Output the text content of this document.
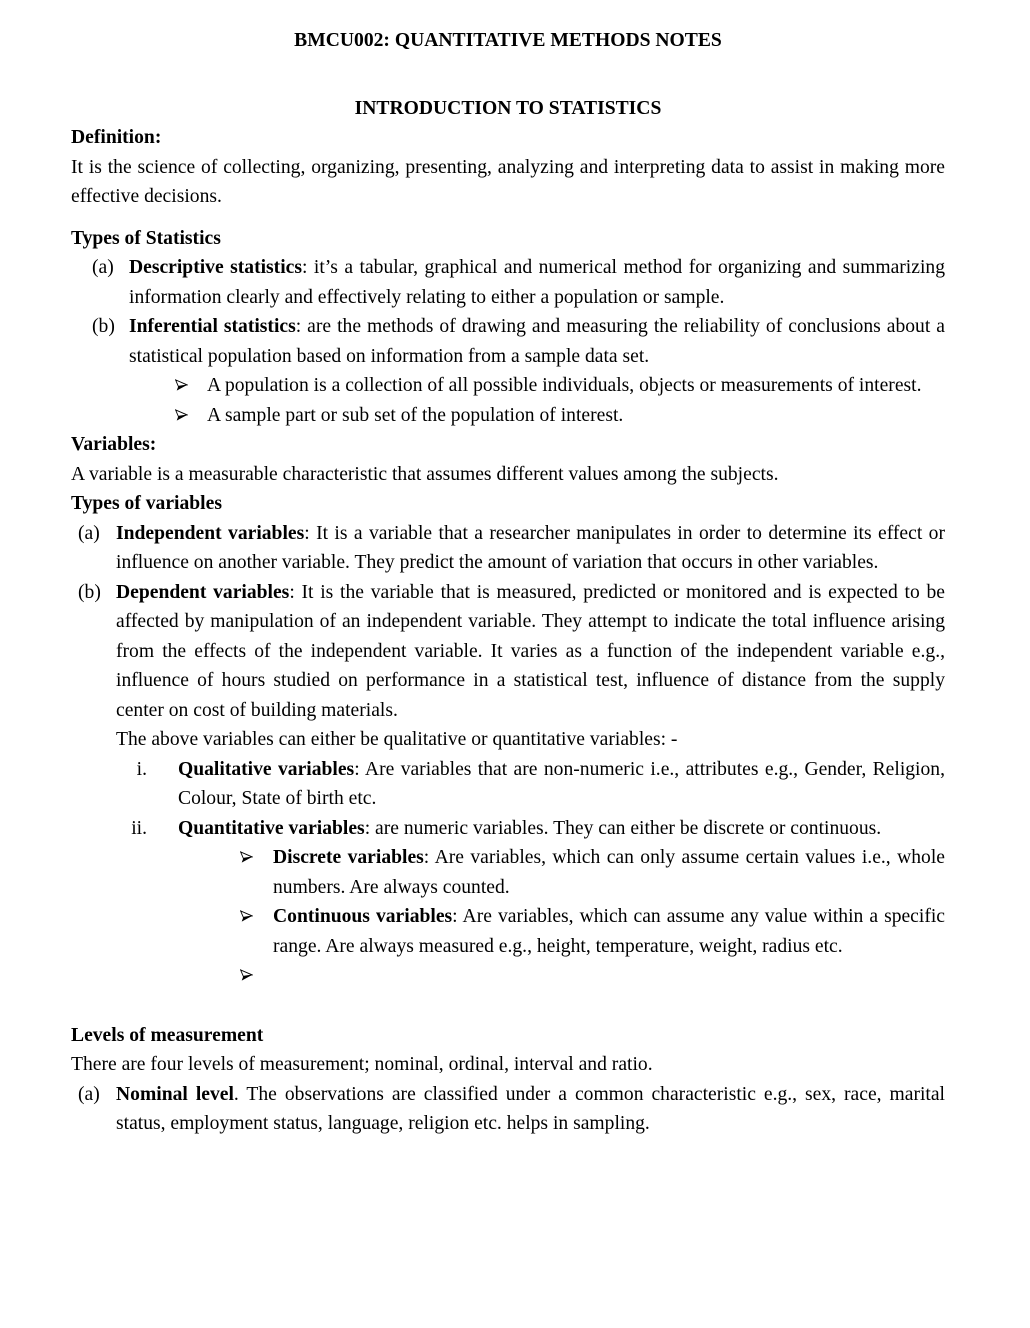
BMCU002: QUANTITATIVE METHODS NOTES
INTRODUCTION TO STATISTICS
Definition:

It is the science of collecting, organizing, presenting, analyzing and interpreting data to assist in making more effective decisions.

Types of Statistics
(a) Descriptive statistics: it’s a tabular, graphical and numerical method for organizing and summarizing information clearly and effectively relating to either a population or sample.
(b) Inferential statistics: are the methods of drawing and measuring the reliability of conclusions about a statistical population based on information from a sample data set.
A population is a collection of all possible individuals, objects or measurements of interest.
A sample part or sub set of the population of interest.
Variables:

A variable is a measurable characteristic that assumes different values among the subjects.

Types of variables
(a) Independent variables: It is a variable that a researcher manipulates in order to determine its effect or influence on another variable. They predict the amount of variation that occurs in other variables.
(b) Dependent variables: It is the variable that is measured, predicted or monitored and is expected to be affected by manipulation of an independent variable. They attempt to indicate the total influence arising from the effects of the independent variable. It varies as a function of the independent variable e.g., influence of hours studied on performance in a statistical test, influence of distance from the supply center on cost of building materials.

The above variables can either be qualitative or quantitative variables: -

i. Qualitative variables: Are variables that are non-numeric i.e., attributes e.g., Gender, Religion, Colour, State of birth etc.
ii. Quantitative variables: are numeric variables. They can either be discrete or continuous.
Discrete variables: Are variables, which can only assume certain values i.e., whole numbers. Are always counted.
Continuous variables: Are variables, which can assume any value within a specific range. Are always measured e.g., height, temperature, weight, radius etc.
Levels of measurement

There are four levels of measurement; nominal, ordinal, interval and ratio.

(a) Nominal level. The observations are classified under a common characteristic e.g., sex, race, marital status, employment status, language, religion etc. helps in sampling.
